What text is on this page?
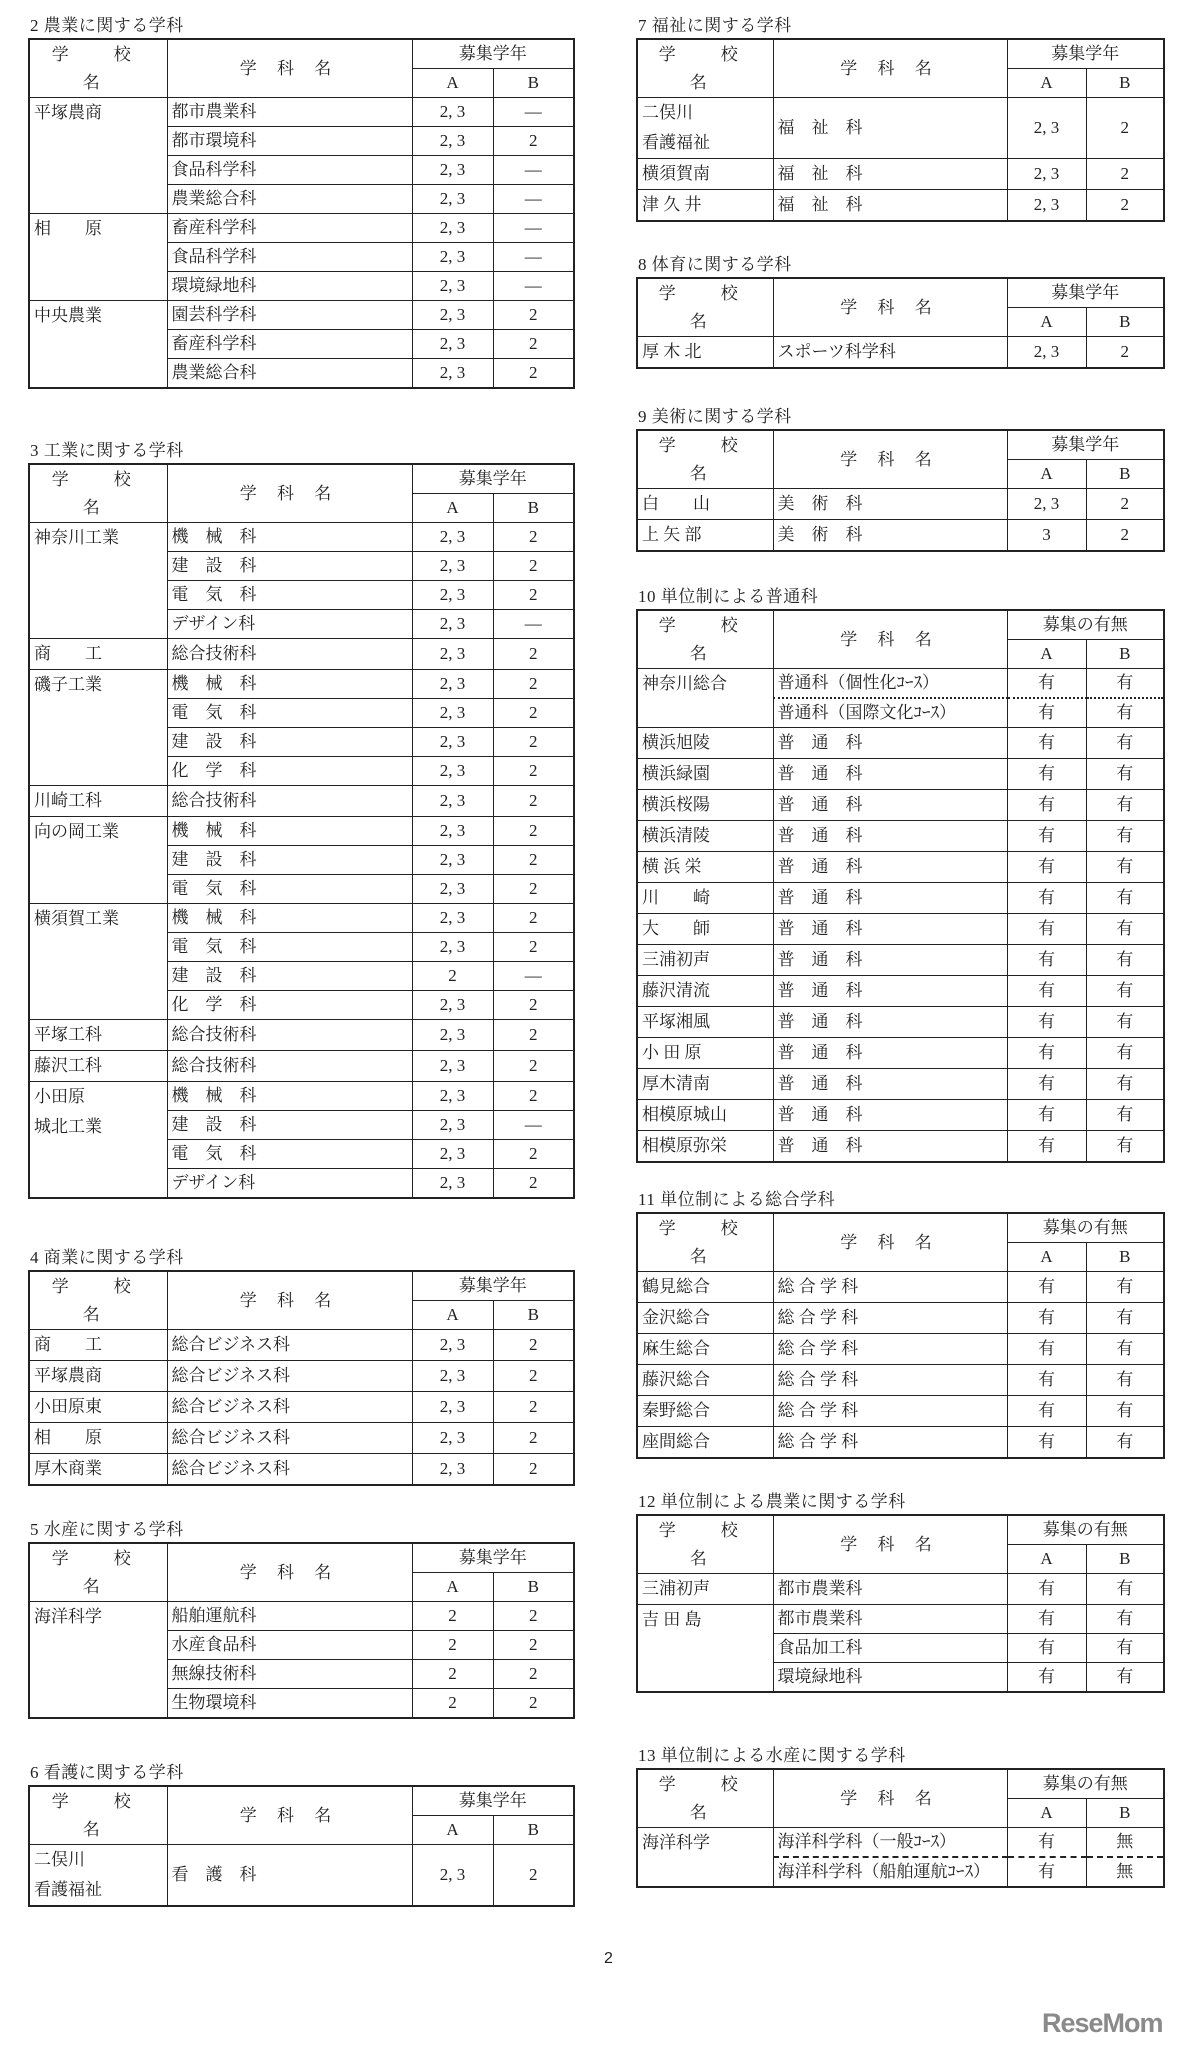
2 農業に関する学科
学　校　名	学 科 名	募集学年	
		A	B
平塚農商	都市農業科	2, 3	—
	都市環境科	2, 3	2
	食品科学科	2, 3	—
	農業総合科	2, 3	—
相　　原	畜産科学科	2, 3	—
	食品科学科	2, 3	—
	環境緑地科	2, 3	—
中央農業	園芸科学科	2, 3	2
	畜産科学科	2, 3	2
	農業総合科	2, 3	2
3 工業に関する学科
学　校　名	学 科 名	募集学年	
		A	B
神奈川工業	機　械　科	2, 3	2
	建　設　科	2, 3	2
	電　気　科	2, 3	2
	デザイン科	2, 3	—
商　　工	総合技術科	2, 3	2
磯子工業	機　械　科	2, 3	2
	電　気　科	2, 3	2
	建　設　科	2, 3	2
	化　学　科	2, 3	2
川崎工科	総合技術科	2, 3	2
向の岡工業	機　械　科	2, 3	2
	建　設　科	2, 3	2
	電　気　科	2, 3	2
横須賀工業	機　械　科	2, 3	2
	電　気　科	2, 3	2
	建　設　科	2	—
	化　学　科	2, 3	2
平塚工科	総合技術科	2, 3	2
藤沢工科	総合技術科	2, 3	2
小田原
城北工業	機　械　科	2, 3	2
	建　設　科	2, 3	—
	電　気　科	2, 3	2
	デザイン科	2, 3	2
4 商業に関する学科
学　校　名	学 科 名	募集学年	
		A	B
商　　工	総合ビジネス科	2, 3	2
平塚農商	総合ビジネス科	2, 3	2
小田原東	総合ビジネス科	2, 3	2
相　　原	総合ビジネス科	2, 3	2
厚木商業	総合ビジネス科	2, 3	2
5 水産に関する学科
学　校　名	学 科 名	募集学年	
		A	B
海洋科学	船舶運航科	2	2
	水産食品科	2	2
	無線技術科	2	2
	生物環境科	2	2
6 看護に関する学科
学　校　名	学 科 名	募集学年	
		A	B
二俣川
看護福祉	看　護　科	2, 3	2
7 福祉に関する学科
学　校　名	学 科 名	募集学年	
		A	B
二俣川
看護福祉	福　祉　科	2, 3	2
横須賀南	福　祉　科	2, 3	2
津 久 井	福　祉　科	2, 3	2
8 体育に関する学科
学　校　名	学 科 名	募集学年	
		A	B
厚 木 北	スポーツ科学科	2, 3	2
9 美術に関する学科
学　校　名	学 科 名	募集学年	
		A	B
白　　山	美　術　科	2, 3	2
上 矢 部	美　術　科	3	2
10 単位制による普通科
学　校　名	学 科 名	募集の有無	
		A	B
神奈川総合	普通科（個性化ｺｰｽ）	有	有
	普通科（国際文化ｺｰｽ）	有	有
横浜旭陵	普　通　科	有	有
横浜緑園	普　通　科	有	有
横浜桜陽	普　通　科	有	有
横浜清陵	普　通　科	有	有
横 浜 栄	普　通　科	有	有
川　　崎	普　通　科	有	有
大　　師	普　通　科	有	有
三浦初声	普　通　科	有	有
藤沢清流	普　通　科	有	有
平塚湘風	普　通　科	有	有
小 田 原	普　通　科	有	有
厚木清南	普　通　科	有	有
相模原城山	普　通　科	有	有
相模原弥栄	普　通　科	有	有
11 単位制による総合学科
学　校　名	学 科 名	募集の有無	
		A	B
鶴見総合	総 合 学 科	有	有
金沢総合	総 合 学 科	有	有
麻生総合	総 合 学 科	有	有
藤沢総合	総 合 学 科	有	有
秦野総合	総 合 学 科	有	有
座間総合	総 合 学 科	有	有
12 単位制による農業に関する学科
学　校　名	学 科 名	募集の有無	
		A	B
三浦初声	都市農業科	有	有
吉 田 島	都市農業科	有	有
	食品加工科	有	有
	環境緑地科	有	有
13 単位制による水産に関する学科
学　校　名	学 科 名	募集の有無	
		A	B
海洋科学	海洋科学科（一般ｺｰｽ）	有	無
	海洋科学科（船舶運航ｺｰｽ）	有	無
2
ReseMom
